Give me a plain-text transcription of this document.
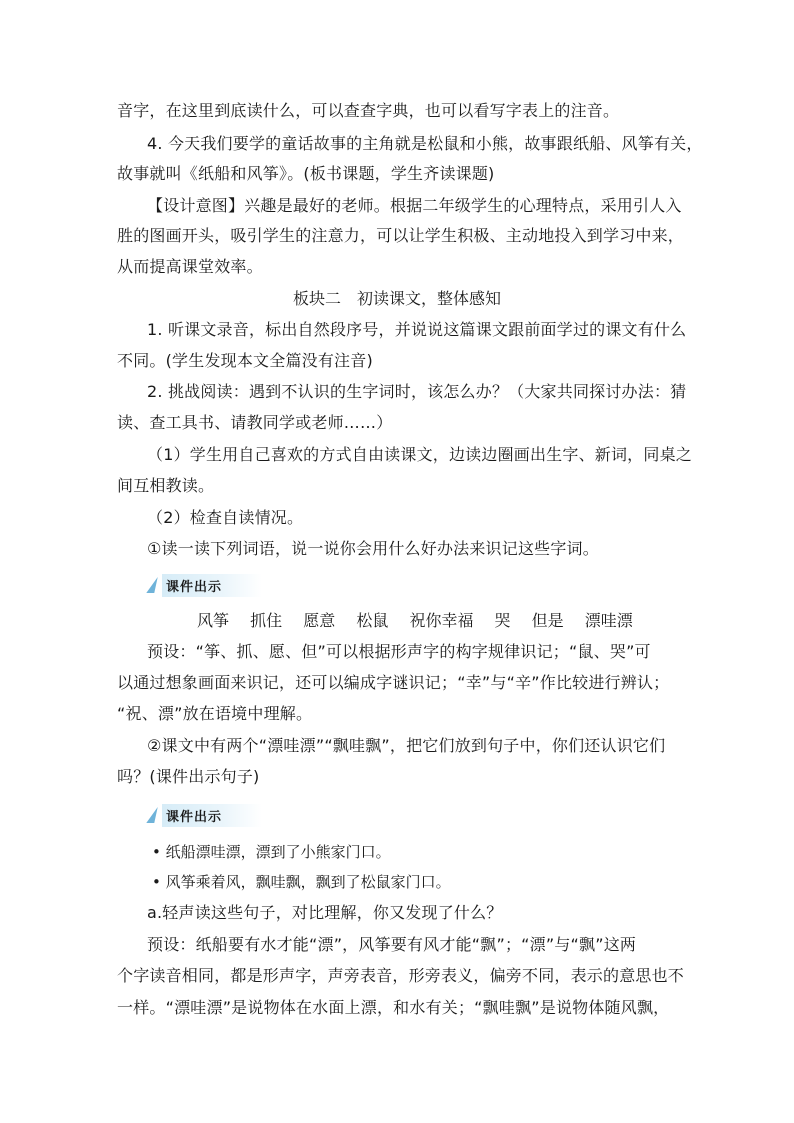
音字，在这里到底读什么，可以查查字典，也可以看写字表上的注音。
4. 今天我们要学的童话故事的主角就是松鼠和小熊，故事跟纸船、风筝有关，
故事就叫《纸船和风筝》。(板书课题，学生齐读课题)
【设计意图】兴趣是最好的老师。根据二年级学生的心理特点，采用引人入
胜的图画开头，吸引学生的注意力，可以让学生积极、主动地投入到学习中来，
从而提高课堂效率。
板块二　初读课文，整体感知
1. 听课文录音，标出自然段序号，并说说这篇课文跟前面学过的课文有什么
不同。(学生发现本文全篇没有注音)
2. 挑战阅读：遇到不认识的生字词时，该怎么办？（大家共同探讨办法：猜
读、查工具书、请教同学或老师……）
（1）学生用自己喜欢的方式自由读课文，边读边圈画出生字、新词，同桌之
间互相教读。
（2）检查自读情况。
①读一读下列词语，说一说你会用什么好办法来识记这些字词。
课件出示
风筝 抓住 愿意 松鼠 祝你幸福 哭 但是 漂哇漂
预设：“筝、抓、愿、但”可以根据形声字的构字规律识记；“鼠、哭”可
以通过想象画面来识记，还可以编成字谜识记；“幸”与“辛”作比较进行辨认；
“祝、漂”放在语境中理解。
②课文中有两个“漂哇漂”“飘哇飘”，把它们放到句子中，你们还认识它们
吗？(课件出示句子)
课件出示
• 纸船漂哇漂，漂到了小熊家门口。
• 风筝乘着风，飘哇飘，飘到了松鼠家门口。
a.轻声读这些句子，对比理解，你又发现了什么？
预设：纸船要有水才能“漂”，风筝要有风才能“飘”；“漂”与“飘”这两
个字读音相同，都是形声字，声旁表音，形旁表义，偏旁不同，表示的意思也不
一样。“漂哇漂”是说物体在水面上漂，和水有关；“飘哇飘”是说物体随风飘，
